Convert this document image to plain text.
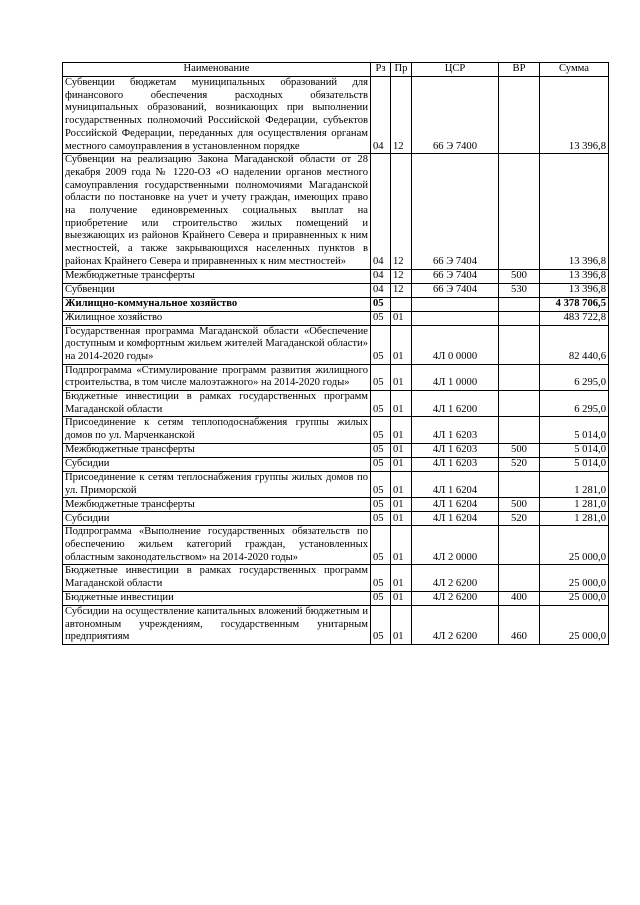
Наименование	Рз	Пр	ЦСР	ВР	Сумма
Субвенции бюджетам муниципальных образований для финансового обеспечения расходных обязательств муниципальных образований, возникающих при выполнении государственных полномочий Российской Федерации, субъектов Российской Федерации, переданных для осуществления органам местного самоуправления в установленном порядке	04	12	66 Э 7400		13 396,8
Субвенции на реализацию Закона Магаданской области от 28 декабря 2009 года № 1220-ОЗ «О наделении органов местного самоуправления государственными полномочиями Магаданской области по постановке на учет и учету граждан, имеющих право на получение единовременных социальных выплат на приобретение или строительство жилых помещений и выезжающих из районов Крайнего Севера и приравненных к ним местностей, а также закрывающихся населенных пунктов в районах Крайнего Севера и приравненных к ним местностей»	04	12	66 Э 7404		13 396,8
Межбюджетные трансферты	04	12	66 Э 7404	500	13 396,8
Субвенции	04	12	66 Э 7404	530	13 396,8
Жилищно-коммунальное хозяйство	05				4 378 706,5
Жилищное хозяйство	05	01			483 722,8
Государственная программа Магаданской области «Обеспечение доступным и комфортным жильем жителей Магаданской области» на 2014-2020 годы»	05	01	4Л 0 0000		82 440,6
Подпрограмма «Стимулирование программ развития жилищного строительства, в том числе малоэтажного» на 2014-2020 годы»	05	01	4Л 1 0000		6 295,0
Бюджетные инвестиции в рамках государственных программ Магаданской области	05	01	4Л 1 6200		6 295,0
Присоединение к сетям теплоподоснабжения группы жилых домов по ул. Марченканской	05	01	4Л 1 6203		5 014,0
Межбюджетные трансферты	05	01	4Л 1 6203	500	5 014,0
Субсидии	05	01	4Л 1 6203	520	5 014,0
Присоединение к сетям теплоснабжения группы жилых домов по ул. Приморской	05	01	4Л 1 6204		1 281,0
Межбюджетные трансферты	05	01	4Л 1 6204	500	1 281,0
Субсидии	05	01	4Л 1 6204	520	1 281,0
Подпрограмма «Выполнение государственных обязательств по обеспечению жильем категорий граждан, установленных областным законодательством» на 2014-2020 годы»	05	01	4Л 2 0000		25 000,0
Бюджетные инвестиции в рамках государственных программ Магаданской области	05	01	4Л 2 6200		25 000,0
Бюджетные инвестиции	05	01	4Л 2 6200	400	25 000,0
Субсидии на осуществление капитальных вложений бюджетным и автономным учреждениям, государственным унитарным предприятиям	05	01	4Л 2 6200	460	25 000,0
